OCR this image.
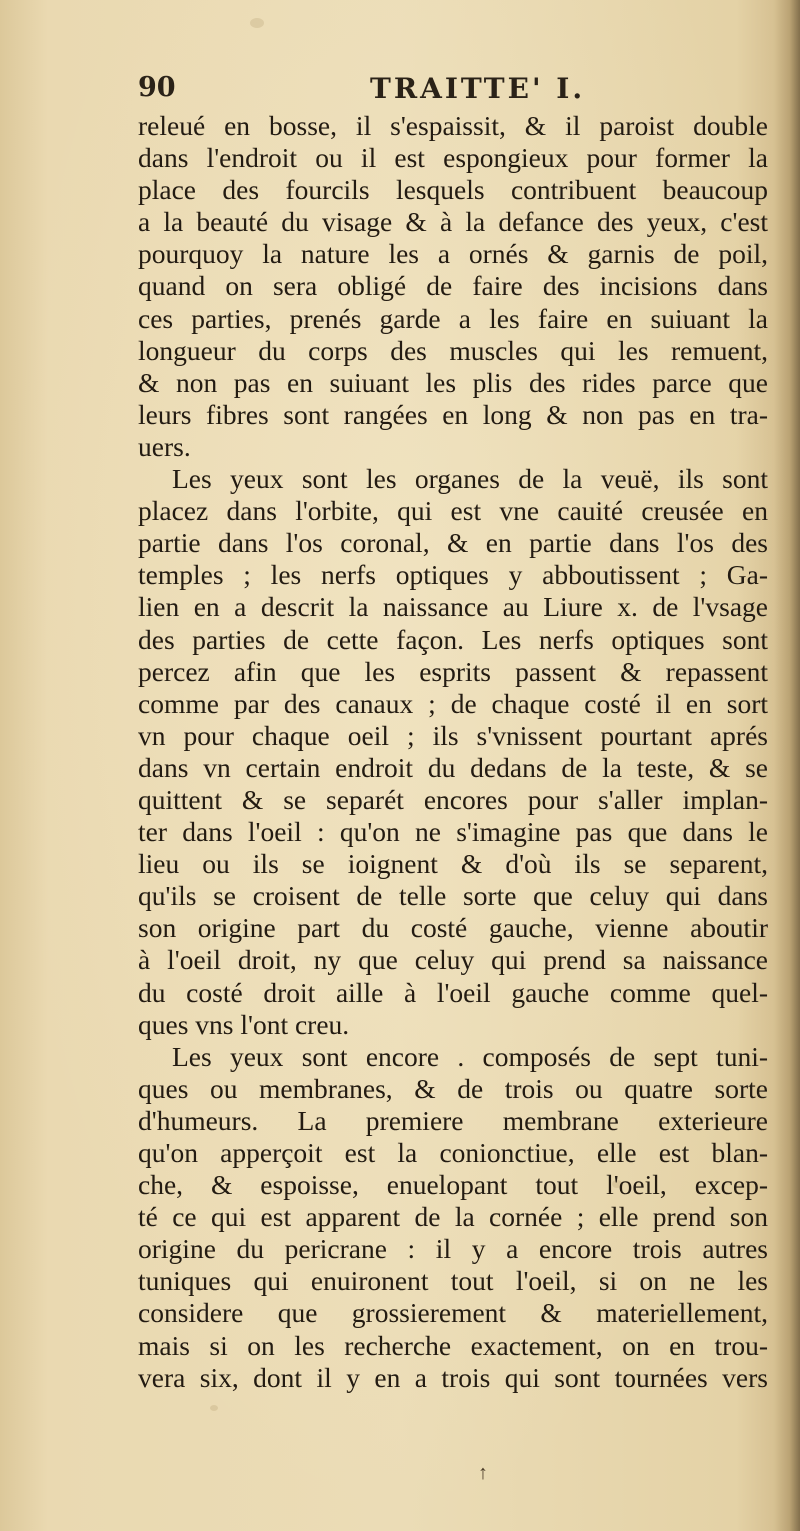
90	TRAITTE' I.
releué en bosse, il s'espaissit, & il paroist double
dans l'endroit ou il est espongieux pour former la
place des fourcils lesquels contribuent beaucoup
a la beauté du visage & à la defance des yeux, c'est
pourquoy la nature les a ornés & garnis de poil,
quand on sera obligé de faire des incisions dans
ces parties, prenés garde a les faire en suiuant la
longueur du corps des muscles qui les remuent,
& non pas en suiuant les plis des rides parce que
leurs fibres sont rangées en long & non pas en tra-
uers.
Les yeux sont les organes de la veuë, ils sont
placez dans l'orbite, qui est vne cauité creusée en
partie dans l'os coronal, & en partie dans l'os des
temples ; les nerfs optiques y abboutissent ; Ga-
lien en a descrit la naissance au Liure x. de l'vsage
des parties de cette façon. Les nerfs optiques sont
percez afin que les esprits passent & repassent
comme par des canaux ; de chaque costé il en sort
vn pour chaque oeil ; ils s'vnissent pourtant aprés
dans vn certain endroit du dedans de la teste, & se
quittent & se separét encores pour s'aller implan-
ter dans l'oeil : qu'on ne s'imagine pas que dans le
lieu ou ils se ioignent & d'où ils se separent,
qu'ils se croisent de telle sorte que celuy qui dans
son origine part du costé gauche, vienne aboutir
à l'oeil droit, ny que celuy qui prend sa naissance
du costé droit aille à l'oeil gauche comme quel-
ques vns l'ont creu.
Les yeux sont encore . composés de sept tuni-
ques ou membranes, & de trois ou quatre sorte
d'humeurs. La premiere membrane exterieure
qu'on apperçoit est la conionctiue, elle est blan-
che, & espoisse, enuelopant tout l'oeil, excep-
té ce qui est apparent de la cornée ; elle prend son
origine du pericrane : il y a encore trois autres
tuniques qui enuironent tout l'oeil, si on ne les
considere que grossierement & materiellement,
mais si on les recherche exactement, on en trou-
vera six, dont il y en a trois qui sont tournées vers
↑
